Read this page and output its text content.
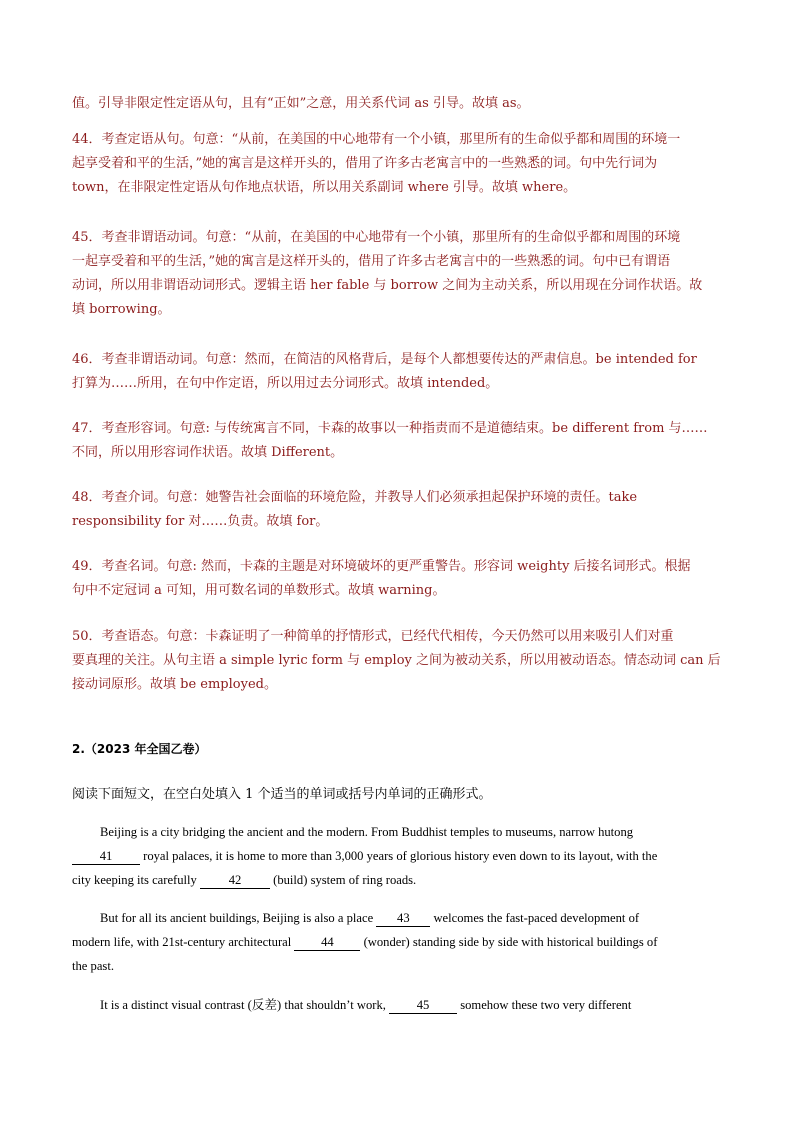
值。引导非限定性定语从句，且有“正如”之意，用关系代词 as 引导。故填 as。
44．考查定语从句。句意：“从前，在美国的中心地带有一个小镇，那里所有的生命似乎都和周围的环境一
起享受着和平的生活，”她的寓言是这样开头的，借用了许多古老寓言中的一些熟悉的词。句中先行词为
town，在非限定性定语从句作地点状语，所以用关系副词 where 引导。故填 where。
45．考查非谓语动词。句意：“从前，在美国的中心地带有一个小镇，那里所有的生命似乎都和周围的环境
一起享受着和平的生活，”她的寓言是这样开头的，借用了许多古老寓言中的一些熟悉的词。句中已有谓语
动词，所以用非谓语动词形式。逻辑主语 her fable 与 borrow 之间为主动关系，所以用现在分词作状语。故
填 borrowing。
46．考查非谓语动词。句意：然而，在简洁的风格背后，是每个人都想要传达的严肃信息。be intended for
打算为……所用，在句中作定语，所以用过去分词形式。故填 intended。
47．考查形容词。句意: 与传统寓言不同，卡森的故事以一种指责而不是道德结束。be different from 与……
不同，所以用形容词作状语。故填 Different。
48．考查介词。句意：她警告社会面临的环境危险，并教导人们必须承担起保护环境的责任。take
responsibility for 对……负责。故填 for。
49．考查名词。句意: 然而，卡森的主题是对环境破坏的更严重警告。形容词 weighty 后接名词形式。根据
句中不定冠词 a 可知，用可数名词的单数形式。故填 warning。
50．考查语态。句意：卡森证明了一种简单的抒情形式，已经代代相传，今天仍然可以用来吸引人们对重
要真理的关注。从句主语 a simple lyric form 与 employ 之间为被动关系，所以用被动语态。情态动词 can 后
接动词原形。故填 be employed。
2.（2023 年全国乙卷）
阅读下面短文，在空白处填入 1 个适当的单词或括号内单词的正确形式。
Beijing is a city bridging the ancient and the modern. From Buddhist temples to museums, narrow hutong
41 royal palaces, it is home to more than 3,000 years of glorious history even down to its layout, with the
city keeping its carefully 42 (build) system of ring roads.
But for all its ancient buildings, Beijing is also a place 43 welcomes the fast-paced development of
modern life, with 21st-century architectural 44 (wonder) standing side by side with historical buildings of
the past.
It is a distinct visual contrast (反差) that shouldn’t work, 45 somehow these two very different
